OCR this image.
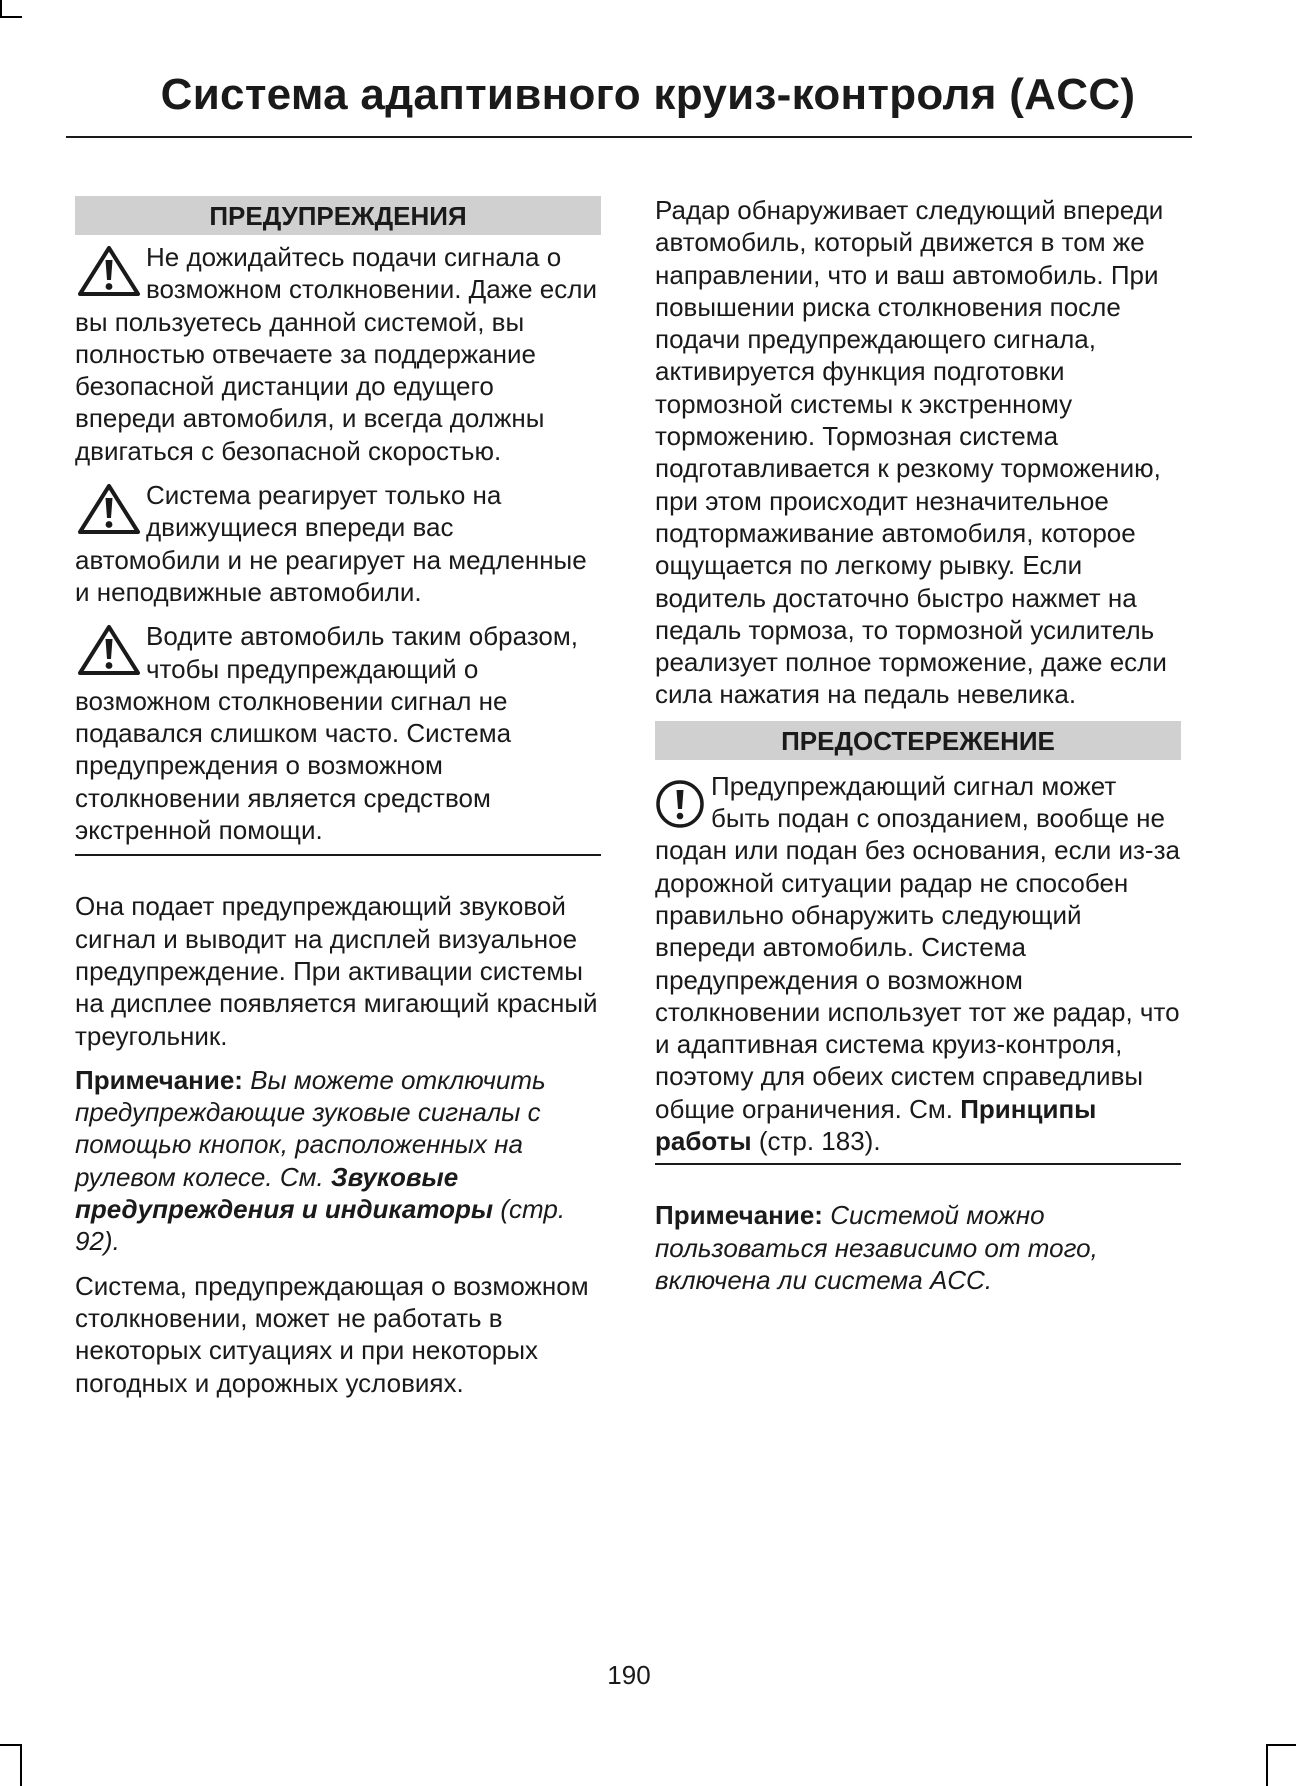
Система адаптивного круиз-контроля (ACC)
ПРЕДУПРЕЖДЕНИЯ

Не дожидайтесь подачи сигнала о возможном столкновении. Даже если вы пользуетесь данной системой, вы полностью отвечаете за поддержание безопасной дистанции до едущего впереди автомобиля, и всегда должны двигаться с безопасной скоростью.

Система реагирует только на движущиеся впереди вас автомобили и не реагирует на медленные и неподвижные автомобили.

Водите автомобиль таким образом, чтобы предупреждающий о возможном столкновении сигнал не подавался слишком часто. Система предупреждения о возможном столкновении является средством экстренной помощи.

Она подает предупреждающий звуковой сигнал и выводит на дисплей визуальное предупреждение. При активации системы на дисплее появляется мигающий красный треугольник.

Примечание: Вы можете отключить предупреждающие зуковые сигналы с помощью кнопок, расположенных на рулевом колесе. См. Звуковые предупреждения и индикаторы (стр. 92).

Система, предупреждающая о возможном столкновении, может не работать в некоторых ситуациях и при некоторых погодных и дорожных условиях.

Радар обнаруживает следующий впереди автомобиль, который движется в том же направлении, что и ваш автомобиль. При повышении риска столкновения после подачи предупреждающего сигнала, активируется функция подготовки тормозной системы к экстренному торможению. Тормозная система подготавливается к резкому торможению, при этом происходит незначительное подтормаживание автомобиля, которое ощущается по легкому рывку. Если водитель достаточно быстро нажмет на педаль тормоза, то тормозной усилитель реализует полное торможение, даже если сила нажатия на педаль невелика.

ПРЕДОСТЕРЕЖЕНИЕ

Предупреждающий сигнал может быть подан с опозданием, вообще не подан или подан без основания, если из-за дорожной ситуации радар не способен правильно обнаружить следующий впереди автомобиль. Система предупреждения о возможном столкновении использует тот же радар, что и адаптивная система круиз-контроля, поэтому для обеих систем справедливы общие ограничения. См. Принципы работы (стр. 183).

Примечание: Системой можно пользоваться независимо от того, включена ли система ACC.

190
